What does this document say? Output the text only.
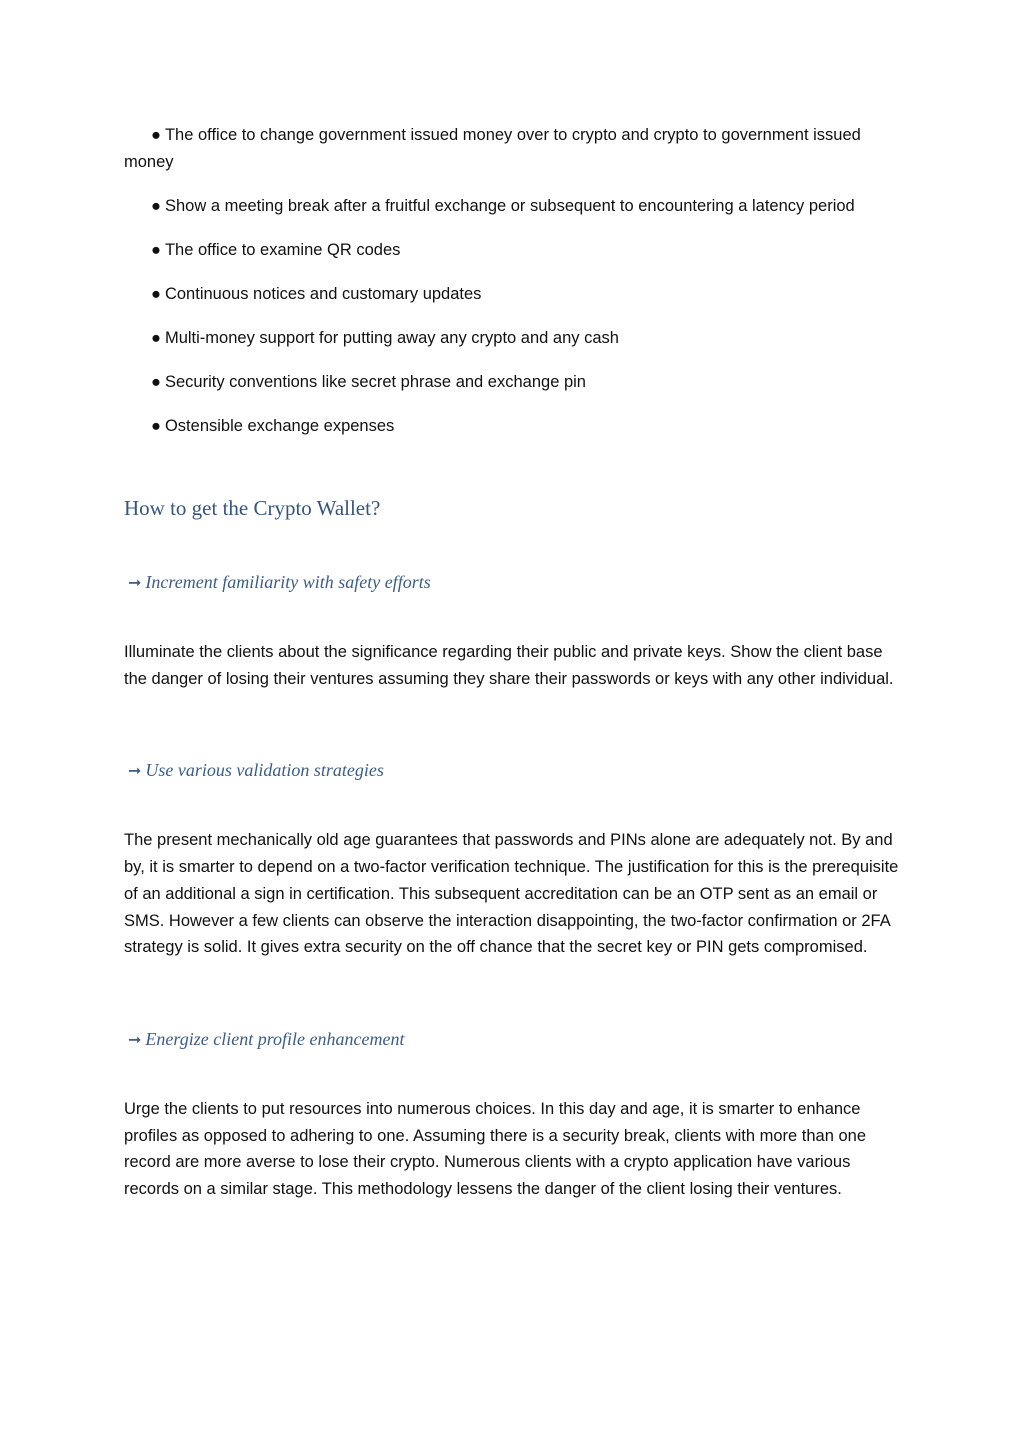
● The office to change government issued money over to crypto and crypto to government issued money
● Show a meeting break after a fruitful exchange or subsequent to encountering a latency period
● The office to examine QR codes
● Continuous notices and customary updates
● Multi-money support for putting away any crypto and any cash
● Security conventions like secret phrase and exchange pin
● Ostensible exchange expenses
How to get the Crypto Wallet?
➞ Increment familiarity with safety efforts
Illuminate the clients about the significance regarding their public and private keys. Show the client base the danger of losing their ventures assuming they share their passwords or keys with any other individual.
➞ Use various validation strategies
The present mechanically old age guarantees that passwords and PINs alone are adequately not. By and by, it is smarter to depend on a two-factor verification technique. The justification for this is the prerequisite of an additional a sign in certification. This subsequent accreditation can be an OTP sent as an email or SMS. However a few clients can observe the interaction disappointing, the two-factor confirmation or 2FA strategy is solid. It gives extra security on the off chance that the secret key or PIN gets compromised.
➞ Energize client profile enhancement
Urge the clients to put resources into numerous choices. In this day and age, it is smarter to enhance profiles as opposed to adhering to one. Assuming there is a security break, clients with more than one record are more averse to lose their crypto. Numerous clients with a crypto application have various records on a similar stage. This methodology lessens the danger of the client losing their ventures.
